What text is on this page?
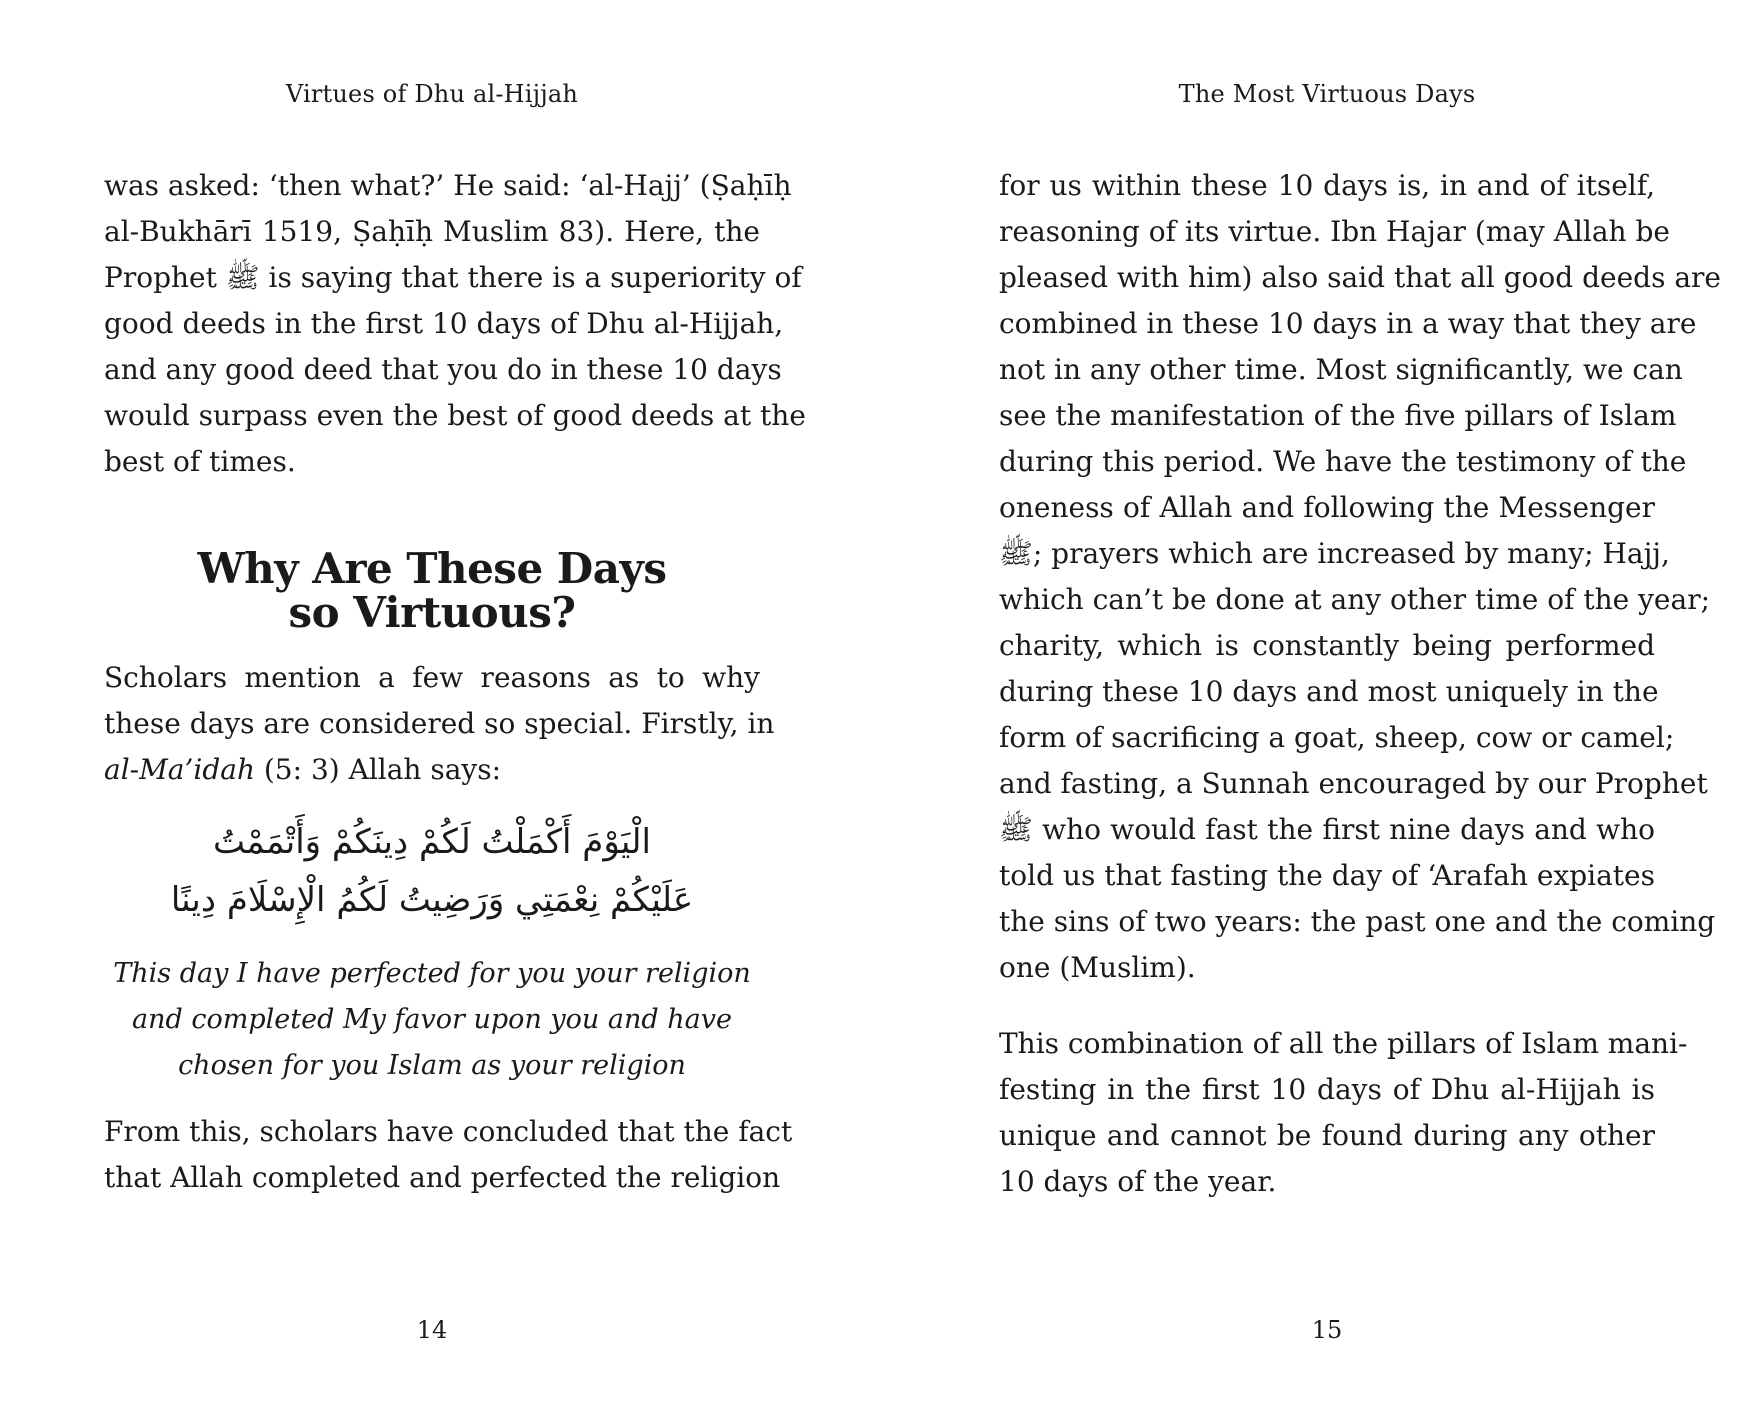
Virtues of Dhu al-Hijjah
was asked: ‘then what?’ He said: ‘al-Hajj’ (Ṣaḥīḥ
al-Bukhārī 1519, Ṣaḥīḥ Muslim 83). Here, the
Prophet ﷺ is saying that there is a superiority of
good deeds in the first 10 days of Dhu al-Hijjah,
and any good deed that you do in these 10 days
would surpass even the best of good deeds at the
best of times.
Why Are These Days
so Virtuous?
Scholars mention a few reasons as to why
these days are considered so special. Firstly, in
al-Ma’idah (5: 3) Allah says:
الْيَوْمَ أَكْمَلْتُ لَكُمْ دِينَكُمْ وَأَتْمَمْتُ
عَلَيْكُمْ نِعْمَتِي وَرَضِيتُ لَكُمُ الْإِسْلَامَ دِينًا
This day I have perfected for you your religion
and completed My favor upon you and have
chosen for you Islam as your religion
From this, scholars have concluded that the fact
that Allah completed and perfected the religion
14
The Most Virtuous Days
for us within these 10 days is, in and of itself,
reasoning of its virtue. Ibn Hajar (may Allah be
pleased with him) also said that all good deeds are
combined in these 10 days in a way that they are
not in any other time. Most significantly, we can
see the manifestation of the five pillars of Islam
during this period. We have the testimony of the
oneness of Allah and following the Messenger
ﷺ; prayers which are increased by many; Hajj,
which can’t be done at any other time of the year;
charity, which is constantly being performed
during these 10 days and most uniquely in the
form of sacrificing a goat, sheep, cow or camel;
and fasting, a Sunnah encouraged by our Prophet
ﷺ who would fast the first nine days and who
told us that fasting the day of ‘Arafah expiates
the sins of two years: the past one and the coming
one (Muslim).
This combination of all the pillars of Islam mani-
festing in the first 10 days of Dhu al-Hijjah is
unique and cannot be found during any other
10 days of the year.
15
